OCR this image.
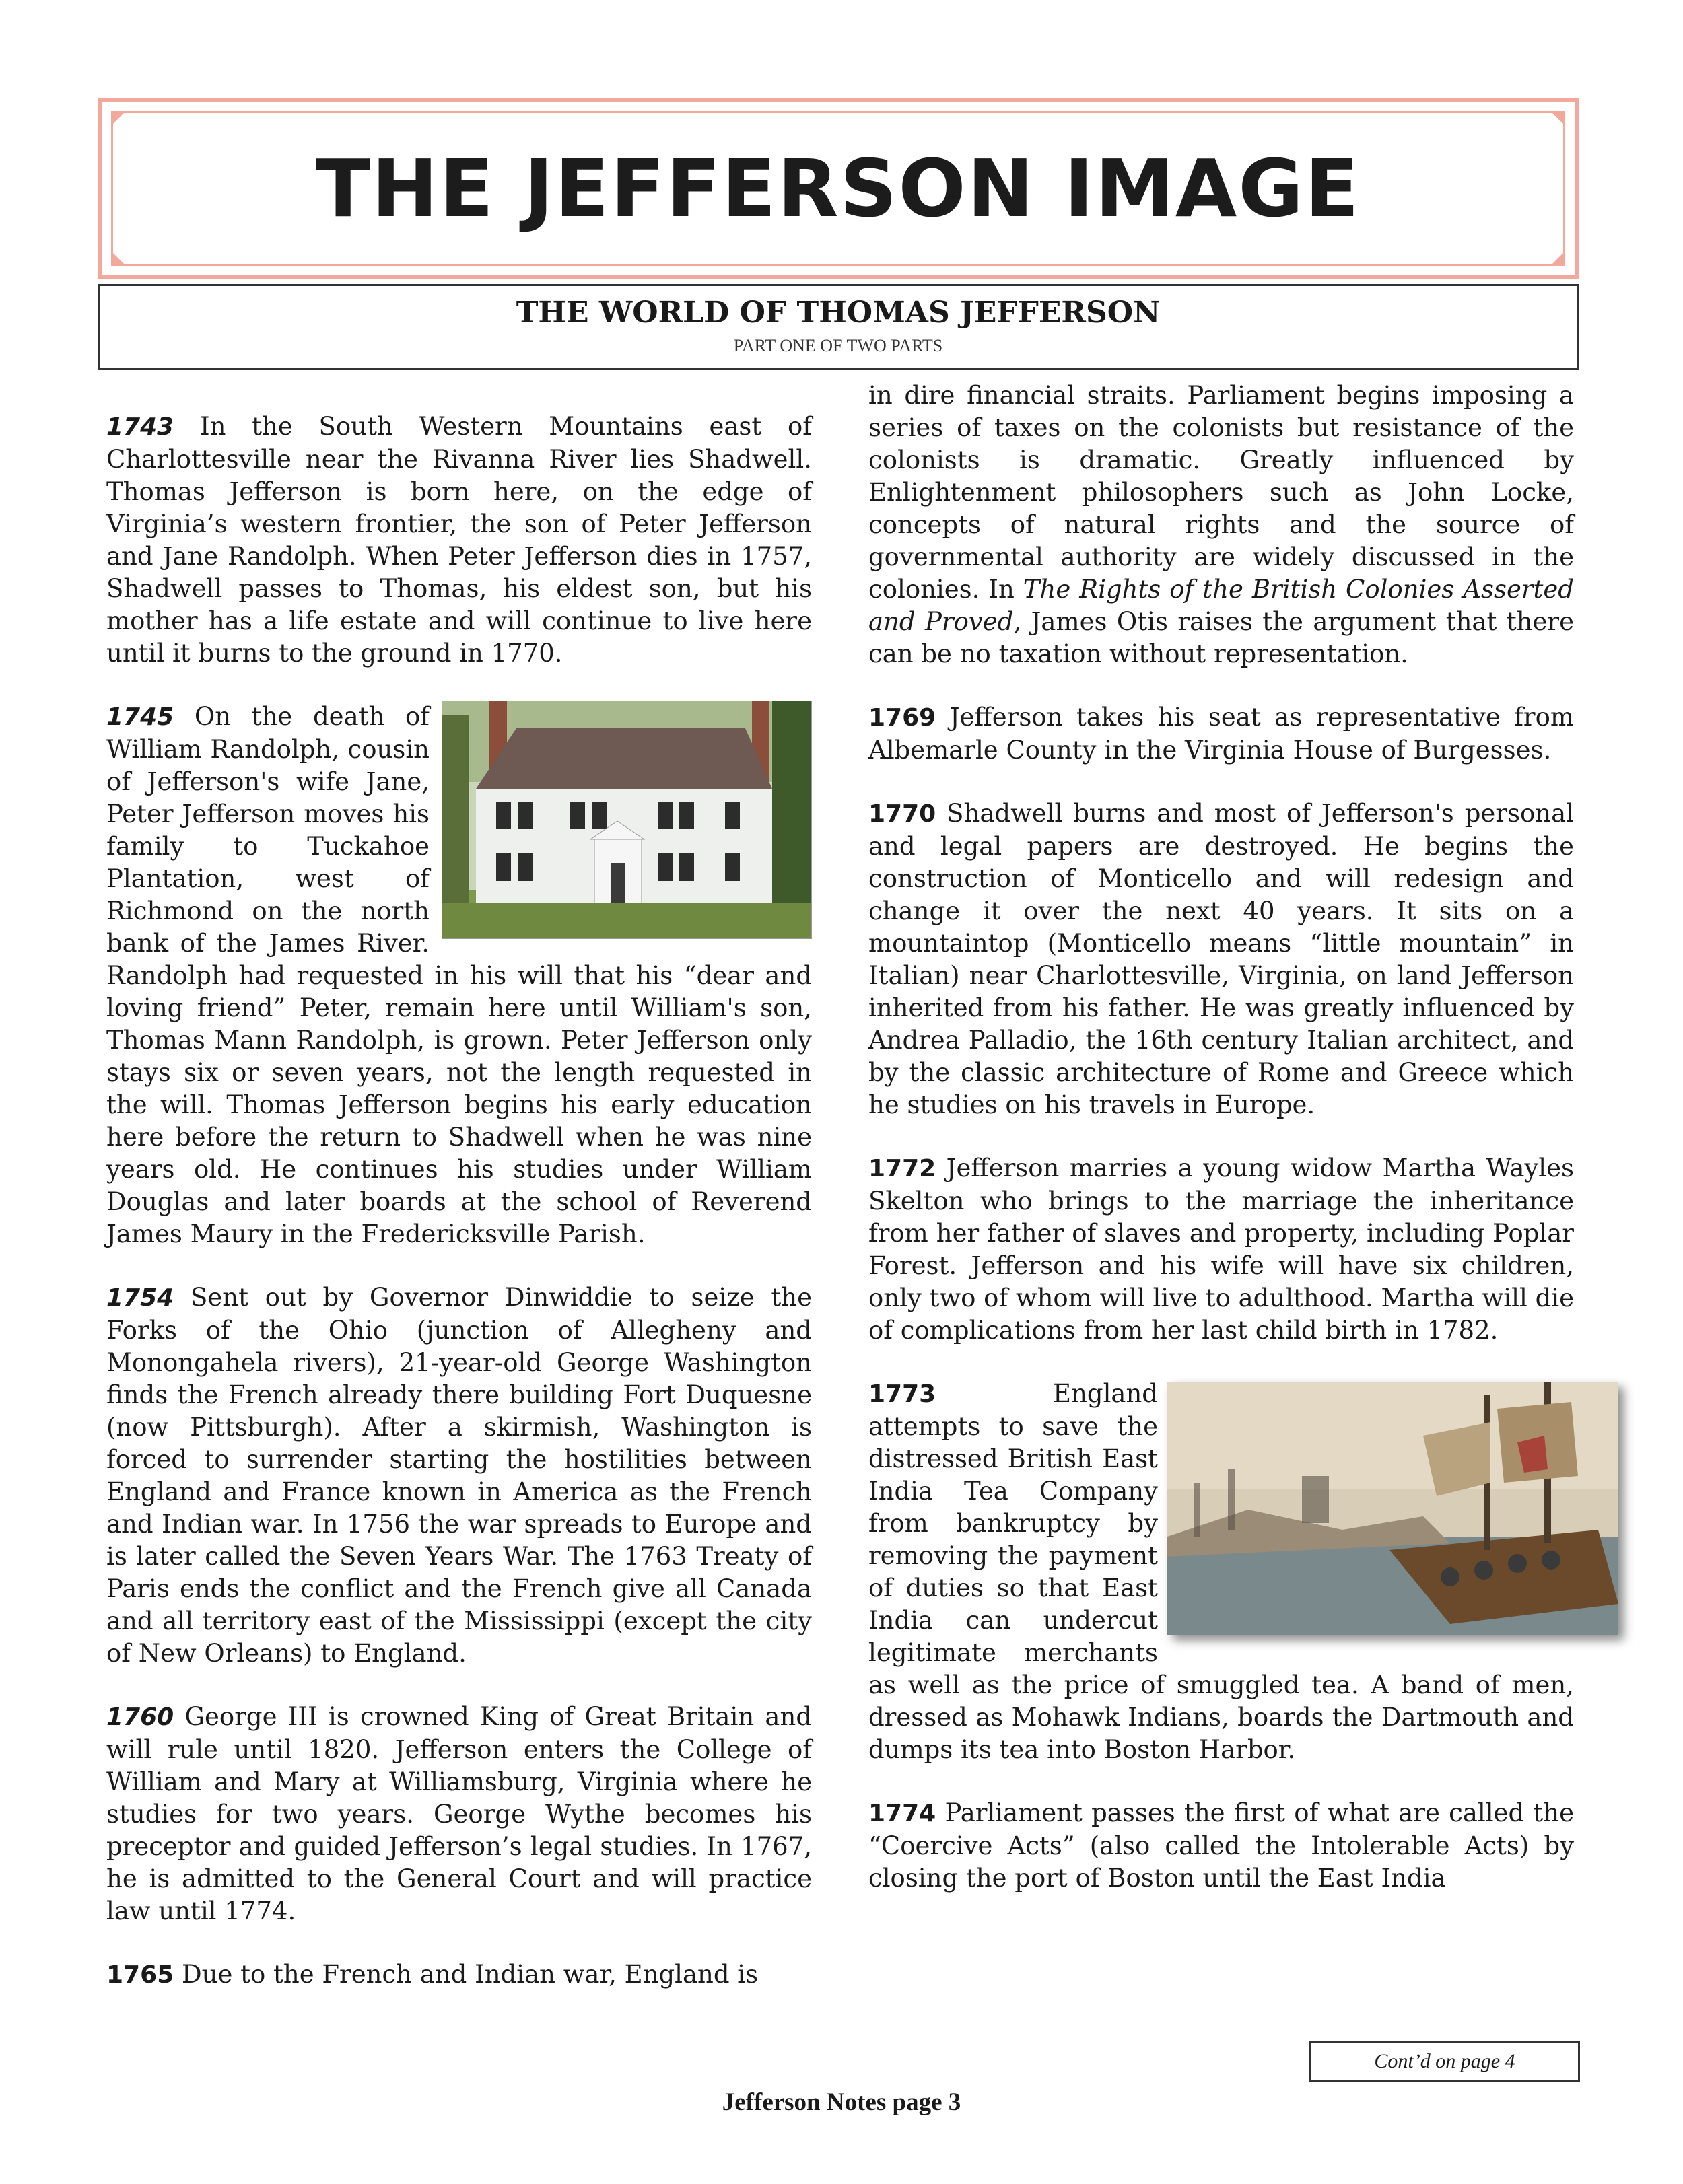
THE JEFFERSON IMAGE
THE WORLD OF THOMAS JEFFERSON
PART ONE OF TWO PARTS

1743 In the South Western Mountains east of Charlottesville near the Rivanna River lies Shadwell. Thomas Jefferson is born here, on the edge of Virginia’s western frontier, the son of Peter Jefferson and Jane Randolph. When Peter Jefferson dies in 1757, Shadwell passes to Thomas, his eldest son, but his mother has a life estate and will continue to live here until it burns to the ground in 1770.

1745 On the death of William Randolph, cousin of Jefferson's wife Jane, Peter Jefferson moves his family to Tuckahoe Plantation, west of Richmond on the north bank of the James River. Randolph had requested in his will that his “dear and loving friend” Peter, remain here until William's son, Thomas Mann Randolph, is grown. Peter Jefferson only stays six or seven years, not the length requested in the will. Thomas Jefferson begins his early education here before the return to Shadwell when he was nine years old. He continues his studies under William Douglas and later boards at the school of Reverend James Maury in the Fredericksville Parish.

1754 Sent out by Governor Dinwiddie to seize the Forks of the Ohio (junction of Allegheny and Monongahela rivers), 21-year-old George Washington finds the French already there building Fort Duquesne (now Pittsburgh). After a skirmish, Washington is forced to surrender starting the hostilities between England and France known in America as the French and Indian war. In 1756 the war spreads to Europe and is later called the Seven Years War. The 1763 Treaty of Paris ends the conflict and the French give all Canada and all territory east of the Mississippi (except the city of New Orleans) to England.

1760 George III is crowned King of Great Britain and will rule until 1820. Jefferson enters the College of William and Mary at Williamsburg, Virginia where he studies for two years. George Wythe becomes his preceptor and guided Jefferson’s legal studies. In 1767, he is admitted to the General Court and will practice law until 1774.

1765 Due to the French and Indian war, England is

in dire financial straits. Parliament begins imposing a series of taxes on the colonists but resistance of the colonists is dramatic. Greatly influenced by Enlightenment philosophers such as John Locke, concepts of natural rights and the source of governmental authority are widely discussed in the colonies. In The Rights of the British Colonies Asserted and Proved, James Otis raises the argument that there can be no taxation without representation.

1769 Jefferson takes his seat as representative from Albemarle County in the Virginia House of Burgesses.

1770 Shadwell burns and most of Jefferson's personal and legal papers are destroyed. He begins the construction of Monticello and will redesign and change it over the next 40 years. It sits on a mountaintop (Monticello means “little mountain” in Italian) near Charlottesville, Virginia, on land Jefferson inherited from his father. He was greatly influenced by Andrea Palladio, the 16th century Italian architect, and by the classic architecture of Rome and Greece which he studies on his travels in Europe.

1772 Jefferson marries a young widow Martha Wayles Skelton who brings to the marriage the inheritance from her father of slaves and property, including Poplar Forest. Jefferson and his wife will have six children, only two of whom will live to adulthood. Martha will die of complications from her last child birth in 1782.

1773 England attempts to save the distressed British East India Tea Company from bankruptcy by removing the payment of duties so that East India can undercut legitimate merchants as well as the price of smuggled tea. A band of men, dressed as Mohawk Indians, boards the Dartmouth and dumps its tea into Boston Harbor.

1774 Parliament passes the first of what are called the “Coercive Acts” (also called the Intolerable Acts) by closing the port of Boston until the East India

Cont’d on page 4
Jefferson Notes page 3
